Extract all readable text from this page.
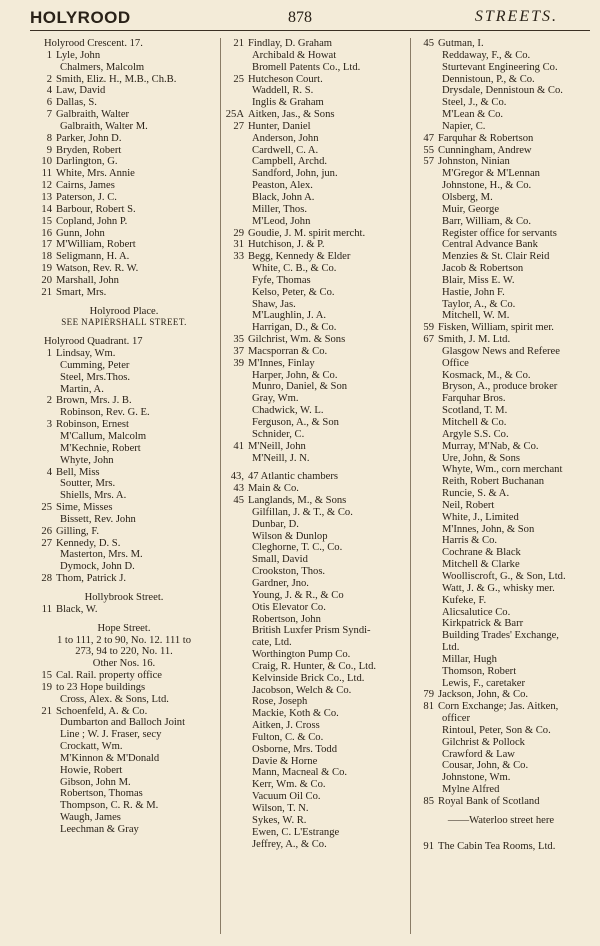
HOLYROOD	878	STREETS.
Holyrood Crescent. 17.
1 Lyle, John
Chalmers, Malcolm
2 Smith, Eliz. H., M.B., Ch.B.
4 Law, David
6 Dallas, S.
7 Galbraith, Walter
Galbraith, Walter M.
8 Parker, John D.
9 Bryden, Robert
10 Darlington, G.
11 White, Mrs. Annie
12 Cairns, James
13 Paterson, J. C.
14 Barbour, Robert S.
15 Copland, John P.
16 Gunn, John
17 M'William, Robert
18 Seligmann, H. A.
19 Watson, Rev. R. W.
20 Marshall, John
21 Smart, Mrs.
Holyrood Place.
SEE NAPIERSHALL STREET.
Holyrood Quadrant. 17
1 Lindsay, Wm.
Cumming, Peter
Steel, Mrs.Thos.
Martin, A.
2 Brown, Mrs. J. B.
Robinson, Rev. G. E.
3 Robinson, Ernest
M'Callum, Malcolm
M'Kechnie, Robert
Whyte, John
4 Bell, Miss
Soutter, Mrs.
Shiells, Mrs. A.
25 Sime, Misses
Bissett, Rev. John
26 Gilling, F.
27 Kennedy, D. S.
Masterton, Mrs. M.
Dymock, John D.
28 Thom, Patrick J.
Hollybrook Street.
11 Black, W.
Hope Street.
1 to 111, 2 to 90, No. 12. 111 to
273, 94 to 220, No. 11.
Other Nos. 16.
15 Cal. Rail. property office
19 to 23 Hope buildings
Cross, Alex. & Sons, Ltd.
21 Schoenfeld, A. & Co.
Dumbarton and Balloch Joint
Line ; W. J. Fraser, secy
Crockatt, Wm.
M'Kinnon & M'Donald
Howie, Robert
Gibson, John M.
Robertson, Thomas
Thompson, C. R. & M.
Waugh, James
Leechman & Gray
21 Findlay, D. Graham
Archibald & Howat
Bromell Patents Co., Ltd.
25 Hutcheson Court.
Waddell, R. S.
Inglis & Graham
25A Aitken, Jas., & Sons
27 Hunter, Daniel
Anderson, John
Cardwell, C. A.
Campbell, Archd.
Sandford, John, jun.
Peaston, Alex.
Black, John A.
Miller, Thos.
M'Leod, John
29 Goudie, J. M. spirit mercht.
31 Hutchison, J. & P.
33 Begg, Kennedy & Elder
White, C. B., & Co.
Fyfe, Thomas
Kelso, Peter, & Co.
Shaw, Jas.
M'Laughlin, J. A.
Harrigan, D., & Co.
35 Gilchrist, Wm. & Sons
37 Macsporran & Co.
39 M'Innes, Finlay
Harper, John, & Co.
Munro, Daniel, & Son
Gray, Wm.
Chadwick, W. L.
Ferguson, A., & Son
Schnider, C.
41 M'Neill, John
M'Neill, J. N.
43, 47 Atlantic chambers
43 Main & Co.
45 Langlands, M., & Sons
Gilfillan, J. & T., & Co.
Dunbar, D.
Wilson & Dunlop
Cleghorne, T. C., Co.
Small, David
Crookston, Thos.
Gardner, Jno.
Young, J. & R., & Co
Otis Elevator Co.
Robertson, John
British Luxfer Prism Syndi-
cate, Ltd.
Worthington Pump Co.
Craig, R. Hunter, & Co., Ltd.
Kelvinside Brick Co., Ltd.
Jacobson, Welch & Co.
Rose, Joseph
Mackie, Koth & Co.
Aitken, J. Cross
Fulton, C. & Co.
Osborne, Mrs. Todd
Davie & Horne
Mann, Macneal & Co.
Kerr, Wm. & Co.
Vacuum Oil Co.
Wilson, T. N.
Sykes, W. R.
Ewen, C. L'Estrange
Jeffrey, A., & Co.
45 Gutman, I.
Reddaway, F., & Co.
Sturtevant Engineering Co.
Dennistoun, P., & Co.
Drysdale, Dennistoun & Co.
Steel, J., & Co.
M'Lean & Co.
Napier, C.
47 Farquhar & Robertson
55 Cunningham, Andrew
57 Johnston, Ninian
M'Gregor & M'Lennan
Johnstone, H., & Co.
Olsberg, M.
Muir, George
Barr, William, & Co.
Register office for servants
Central Advance Bank
Menzies & St. Clair Reid
Jacob & Robertson
Blair, Miss E. W.
Hastie, John F.
Taylor, A., & Co.
Mitchell, W. M.
59 Fisken, William, spirit mer.
67 Smith, J. M. Ltd.
Glasgow News and Referee
Office
Kosmack, M., & Co.
Bryson, A., produce broker
Farquhar Bros.
Scotland, T. M.
Mitchell & Co.
Argyle S.S. Co.
Murray, M'Nab, & Co.
Ure, John, & Sons
Whyte, Wm., corn merchant
Reith, Robert Buchanan
Runcie, S. & A.
Neil, Robert
White, J., Limited
M'Innes, John, & Son
Harris & Co.
Cochrane & Black
Mitchell & Clarke
Woolliscroft, G., & Son, Ltd.
Watt, J. & G., whisky mer.
Kufeke, F.
Alicsalutice Co.
Kirkpatrick & Barr
Building Trades' Exchange,
Ltd.
Millar, Hugh
Thomson, Robert
Lewis, F., caretaker
79 Jackson, John, & Co.
81 Corn Exchange; Jas. Aitken,
officer
Rintoul, Peter, Son & Co.
Gilchrist & Pollock
Crawford & Law
Cousar, John, & Co.
Johnstone, Wm.
Mylne Alfred
85 Royal Bank of Scotland
——Waterloo street here
91 The Cabin Tea Rooms, Ltd.
